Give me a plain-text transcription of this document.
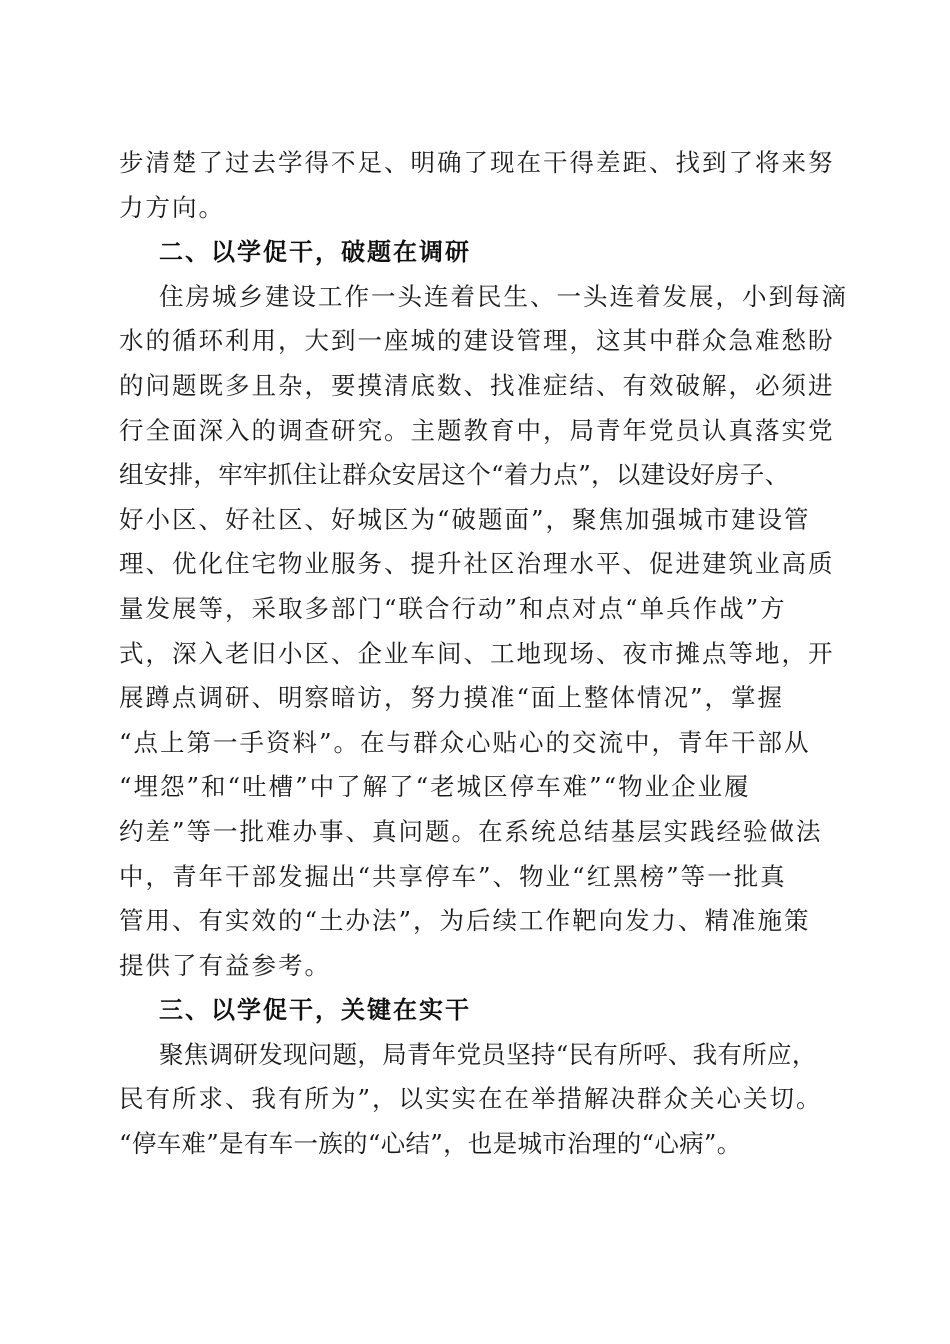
步清楚了过去学得不足、明确了现在干得差距、找到了将来努
力方向。
二、以学促干，破题在调研
住房城乡建设工作一头连着民生、一头连着发展，小到每滴
水的循环利用，大到一座城的建设管理，这其中群众急难愁盼
的问题既多且杂，要摸清底数、找准症结、有效破解，必须进
行全面深入的调查研究。主题教育中，局青年党员认真落实党
组安排，牢牢抓住让群众安居这个“着力点”，以建设好房子、
好小区、好社区、好城区为“破题面”，聚焦加强城市建设管
理、优化住宅物业服务、提升社区治理水平、促进建筑业高质
量发展等，采取多部门“联合行动”和点对点“单兵作战”方
式，深入老旧小区、企业车间、工地现场、夜市摊点等地，开
展蹲点调研、明察暗访，努力摸准“面上整体情况”，掌握
“点上第一手资料”。在与群众心贴心的交流中，青年干部从
“埋怨”和“吐槽”中了解了“老城区停车难”“物业企业履
约差”等一批难办事、真问题。在系统总结基层实践经验做法
中，青年干部发掘出“共享停车”、物业“红黑榜”等一批真
管用、有实效的“土办法”，为后续工作靶向发力、精准施策
提供了有益参考。
三、以学促干，关键在实干
聚焦调研发现问题，局青年党员坚持“民有所呼、我有所应，
民有所求、我有所为”，以实实在在举措解决群众关心关切。
“停车难”是有车一族的“心结”，也是城市治理的“心病”。
